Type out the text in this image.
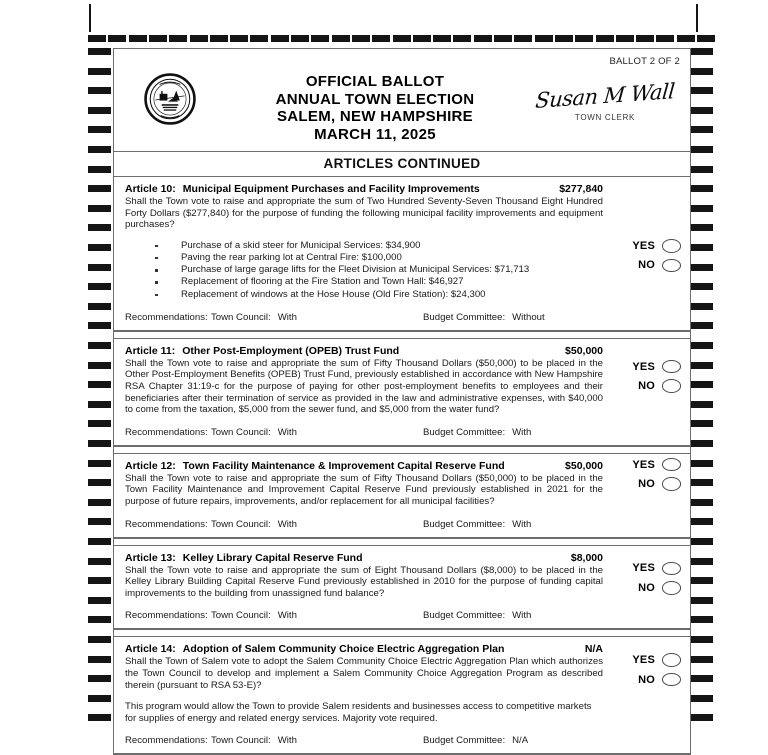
BALLOT 2 OF 2
OFFICIAL BALLOT
ANNUAL TOWN ELECTION
SALEM, NEW HAMPSHIRE
MARCH 11, 2025
Susan M Wall
TOWN CLERK
ARTICLES CONTINUED
Article 10: Municipal Equipment Purchases and Facility Improvements	$277,840
Shall the Town vote to raise and appropriate the sum of Two Hundred Seventy-Seven Thousand Eight Hundred Forty Dollars ($277,840) for the purpose of funding the following municipal facility improvements and equipment purchases?
Purchase of a skid steer for Municipal Services: $34,900
Paving the rear parking lot at Central Fire: $100,000
Purchase of large garage lifts for the Fleet Division at Municipal Services: $71,713
Replacement of flooring at the Fire Station and Town Hall: $46,927
Replacement of windows at the Hose House (Old Fire Station): $24,300
YES
NO
Recommendations: Town Council: With	Budget Committee: Without
Article 11: Other Post-Employment (OPEB) Trust Fund	$50,000
Shall the Town vote to raise and appropriate the sum of Fifty Thousand Dollars ($50,000) to be placed in the Other Post-Employment Benefits (OPEB) Trust Fund, previously established in accordance with New Hampshire RSA Chapter 31:19-c for the purpose of paying for other post-employment benefits to employees and their beneficiaries after their termination of service as provided in the law and administrative expenses, with $40,000 to come from the taxation, $5,000 from the sewer fund, and $5,000 from the water fund?
YES
NO
Recommendations: Town Council: With	Budget Committee: With
Article 12: Town Facility Maintenance & Improvement Capital Reserve Fund	$50,000
Shall the Town vote to raise and appropriate the sum of Fifty Thousand Dollars ($50,000) to be placed in the Town Facility Maintenance and Improvement Capital Reserve Fund previously established in 2021 for the purpose of future repairs, improvements, and/or replacement for all municipal facilities?
YES
NO
Recommendations: Town Council: With	Budget Committee: With
Article 13: Kelley Library Capital Reserve Fund	$8,000
Shall the Town vote to raise and appropriate the sum of Eight Thousand Dollars ($8,000) to be placed in the Kelley Library Building Capital Reserve Fund previously established in 2010 for the purpose of funding capital improvements to the building from unassigned fund balance?
YES
NO
Recommendations: Town Council: With	Budget Committee: With
Article 14: Adoption of Salem Community Choice Electric Aggregation Plan	N/A
Shall the Town of Salem vote to adopt the Salem Community Choice Electric Aggregation Plan which authorizes the Town Council to develop and implement a Salem Community Choice Aggregation Program as described therein (pursuant to RSA 53-E)?
This program would allow the Town to provide Salem residents and businesses access to competitive markets for supplies of energy and related energy services. Majority vote required.
YES
NO
Recommendations: Town Council: With	Budget Committee: N/A
